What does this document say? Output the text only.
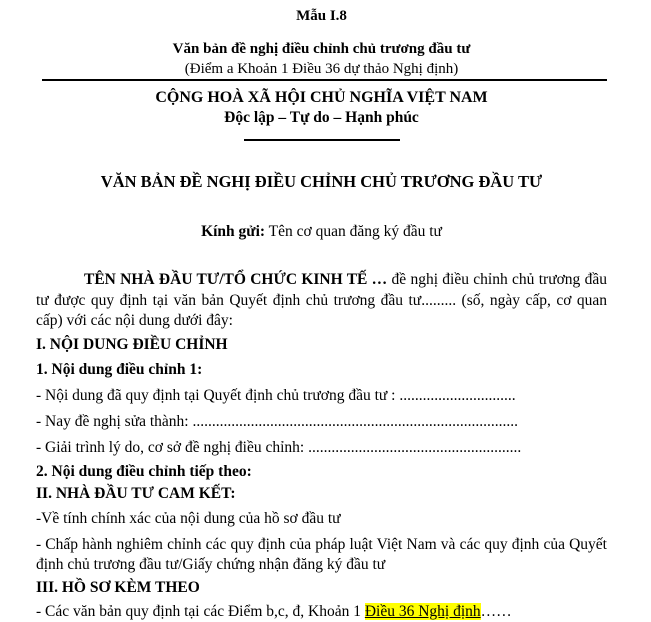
Mẫu I.8
Văn bản đề nghị điều chỉnh chủ trương đầu tư
(Điểm a Khoản 1 Điều 36 dự thảo Nghị định)
CỘNG HOÀ XÃ HỘI CHỦ NGHĨA VIỆT NAM
Độc lập – Tự do – Hạnh phúc
VĂN BẢN ĐỀ NGHỊ ĐIỀU CHỈNH CHỦ TRƯƠNG ĐẦU TƯ
Kính gửi: Tên cơ quan đăng ký đầu tư

TÊN NHÀ ĐẦU TƯ/TỔ CHỨC KINH TẾ … đề nghị điều chỉnh chủ trương đầu tư được quy định tại văn bản Quyết định chủ trương đầu tư......... (số, ngày cấp, cơ quan cấp) với các nội dung dưới đây:

I. NỘI DUNG ĐIỀU CHỈNH
1. Nội dung điều chỉnh 1:
- Nội dung đã quy định tại Quyết định chủ trương đầu tư : ..............................
- Nay đề nghị sửa thành: ....................................................................................
- Giải trình lý do, cơ sở đề nghị điều chỉnh: .......................................................
2. Nội dung điều chỉnh tiếp theo:
II. NHÀ ĐẦU TƯ CAM KẾT:
-Về tính chính xác của nội dung của hồ sơ đầu tư
- Chấp hành nghiêm chỉnh các quy định của pháp luật Việt Nam và các quy định của Quyết định chủ trương đầu tư/Giấy chứng nhận đăng ký đầu tư
III. HỒ SƠ KÈM THEO
- Các văn bản quy định tại các Điểm b,c, đ, Khoản 1 Điều 36 Nghị định……
